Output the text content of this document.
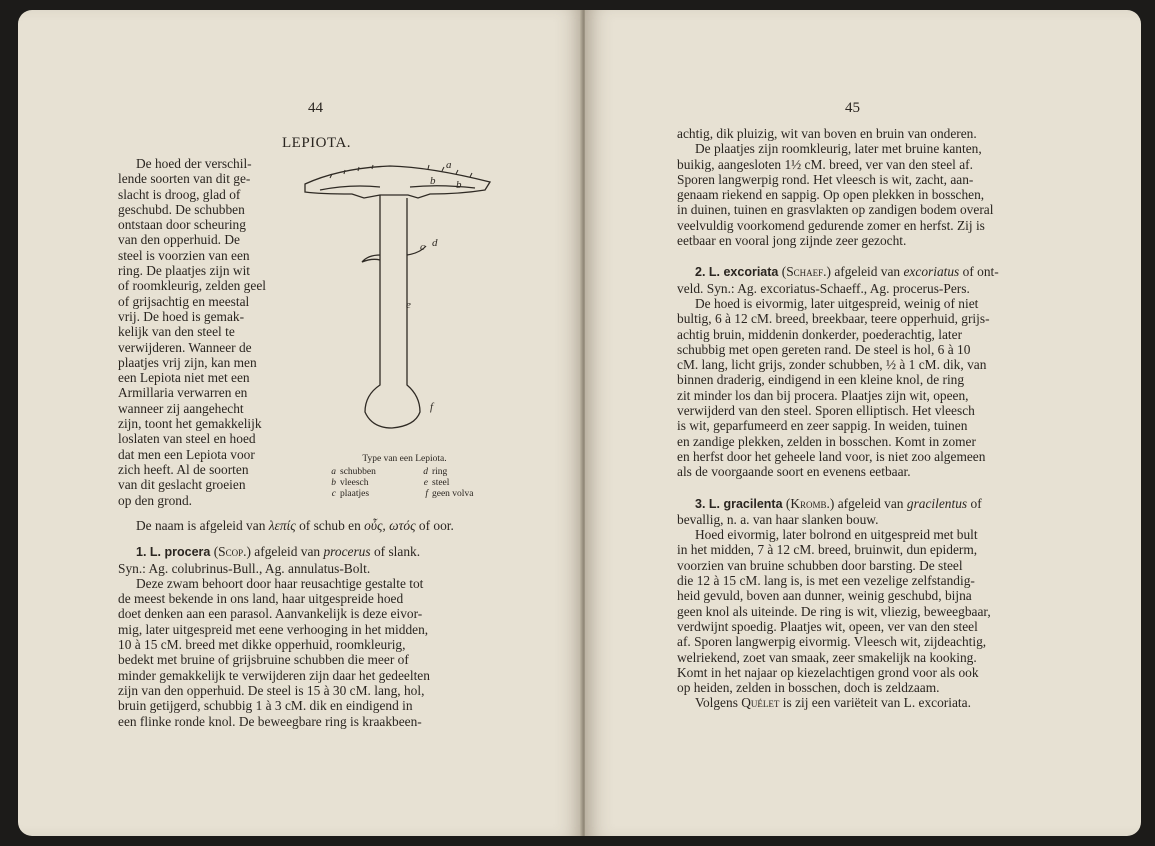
44
LEPIOTA.

De hoed der verschil-

lende soorten van dit ge-

slacht is droog, glad of

geschubd. De schubben

ontstaan door scheuring

van den opperhuid. De

steel is voorzien van een

ring. De plaatjes zijn wit

of roomkleurig, zelden geel

of grijsachtig en meestal

vrij. De hoed is gemak-

kelijk van den steel te

verwijderen. Wanneer de

plaatjes vrij zijn, kan men

een Lepiota niet met een

Armillaria verwarren en

wanneer zij aangehecht

zijn, toont het gemakkelijk

loslaten van steel en hoed

dat men een Lepiota voor

zich heeft. Al de soorten

van dit geslacht groeien

op den grond.

a
b b
c d
e
f
Type van een Lepiota.
a schubben	d ring
b vleesch	e steel
c plaatjes	f geen volva

De naam is afgeleid van λεπίς of schub en οὖς, ωτός of oor.

1. L. procera (Scop.) afgeleid van procerus of slank.

Syn.: Ag. colubrinus-Bull., Ag. annulatus-Bolt.

Deze zwam behoort door haar reusachtige gestalte tot

de meest bekende in ons land, haar uitgespreide hoed

doet denken aan een parasol. Aanvankelijk is deze eivor-

mig, later uitgespreid met eene verhooging in het midden,

10 à 15 cM. breed met dikke opperhuid, roomkleurig,

bedekt met bruine of grijsbruine schubben die meer of

minder gemakkelijk te verwijderen zijn daar het gedeelten

zijn van den opperhuid. De steel is 15 à 30 cM. lang, hol,

bruin getijgerd, schubbig 1 à 3 cM. dik en eindigend in

een flinke ronde knol. De beweegbare ring is kraakbeen-

45

achtig, dik pluizig, wit van boven en bruin van onderen.

De plaatjes zijn roomkleurig, later met bruine kanten,

buikig, aangesloten 1½ cM. breed, ver van den steel af.

Sporen langwerpig rond. Het vleesch is wit, zacht, aan-

genaam riekend en sappig. Op open plekken in bosschen,

in duinen, tuinen en grasvlakten op zandigen bodem overal

veelvuldig voorkomend gedurende zomer en herfst. Zij is

eetbaar en vooral jong zijnde zeer gezocht.

2. L. excoriata (Schaef.) afgeleid van excoriatus of ont-

veld. Syn.: Ag. excoriatus-Schaeff., Ag. procerus-Pers.

De hoed is eivormig, later uitgespreid, weinig of niet

bultig, 6 à 12 cM. breed, breekbaar, teere opperhuid, grijs-

achtig bruin, middenin donkerder, poederachtig, later

schubbig met open gereten rand. De steel is hol, 6 à 10

cM. lang, licht grijs, zonder schubben, ½ à 1 cM. dik, van

binnen draderig, eindigend in een kleine knol, de ring

zit minder los dan bij procera. Plaatjes zijn wit, opeen,

verwijderd van den steel. Sporen elliptisch. Het vleesch

is wit, geparfumeerd en zeer sappig. In weiden, tuinen

en zandige plekken, zelden in bosschen. Komt in zomer

en herfst door het geheele land voor, is niet zoo algemeen

als de voorgaande soort en evenens eetbaar.

3. L. gracilenta (Kromb.) afgeleid van gracilentus of

bevallig, n. a. van haar slanken bouw.

Hoed eivormig, later bolrond en uitgespreid met bult

in het midden, 7 à 12 cM. breed, bruinwit, dun epiderm,

voorzien van bruine schubben door barsting. De steel

die 12 à 15 cM. lang is, is met een vezelige zelfstandig-

heid gevuld, boven aan dunner, weinig geschubd, bijna

geen knol als uiteinde. De ring is wit, vliezig, beweegbaar,

verdwijnt spoedig. Plaatjes wit, opeen, ver van den steel

af. Sporen langwerpig eivormig. Vleesch wit, zijdeachtig,

welriekend, zoet van smaak, zeer smakelijk na kooking.

Komt in het najaar op kiezelachtigen grond voor als ook

op heiden, zelden in bosschen, doch is zeldzaam.

Volgens Quélet is zij een variëteit van L. excoriata.
